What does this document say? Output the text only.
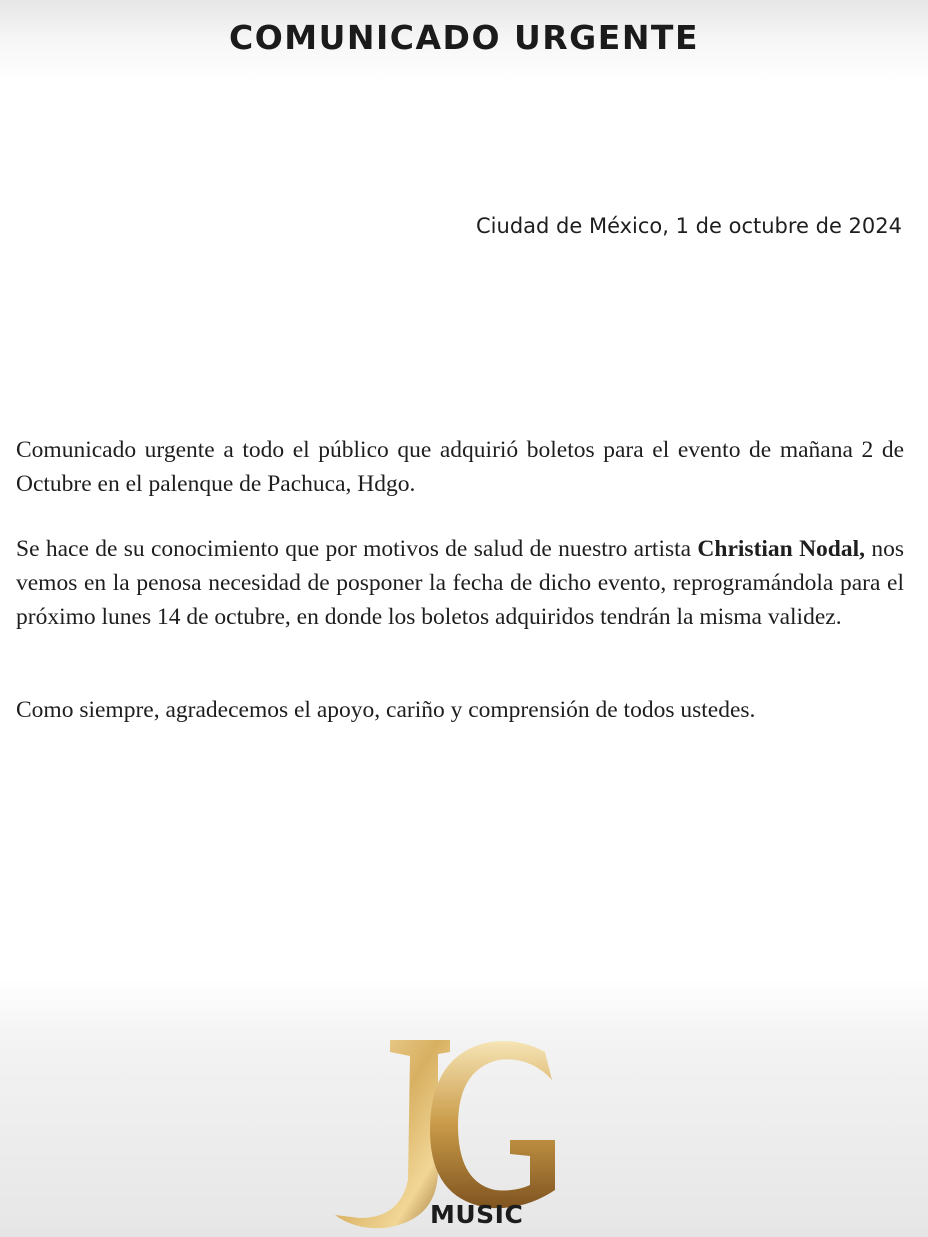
COMUNICADO URGENTE

Ciudad de México, 1 de octubre de 2024

Comunicado urgente a todo el público que adquirió boletos para el evento de mañana 2 de Octubre en el palenque de Pachuca, Hdgo.

Se hace de su conocimiento que por motivos de salud de nuestro artista Christian Nodal, nos vemos en la penosa necesidad de posponer la fecha de dicho evento, reprogramándola para el próximo lunes 14 de octubre, en donde los boletos adquiridos tendrán la misma validez.

Como siempre, agradecemos el apoyo, cariño y comprensión de todos ustedes.

MUSIC
